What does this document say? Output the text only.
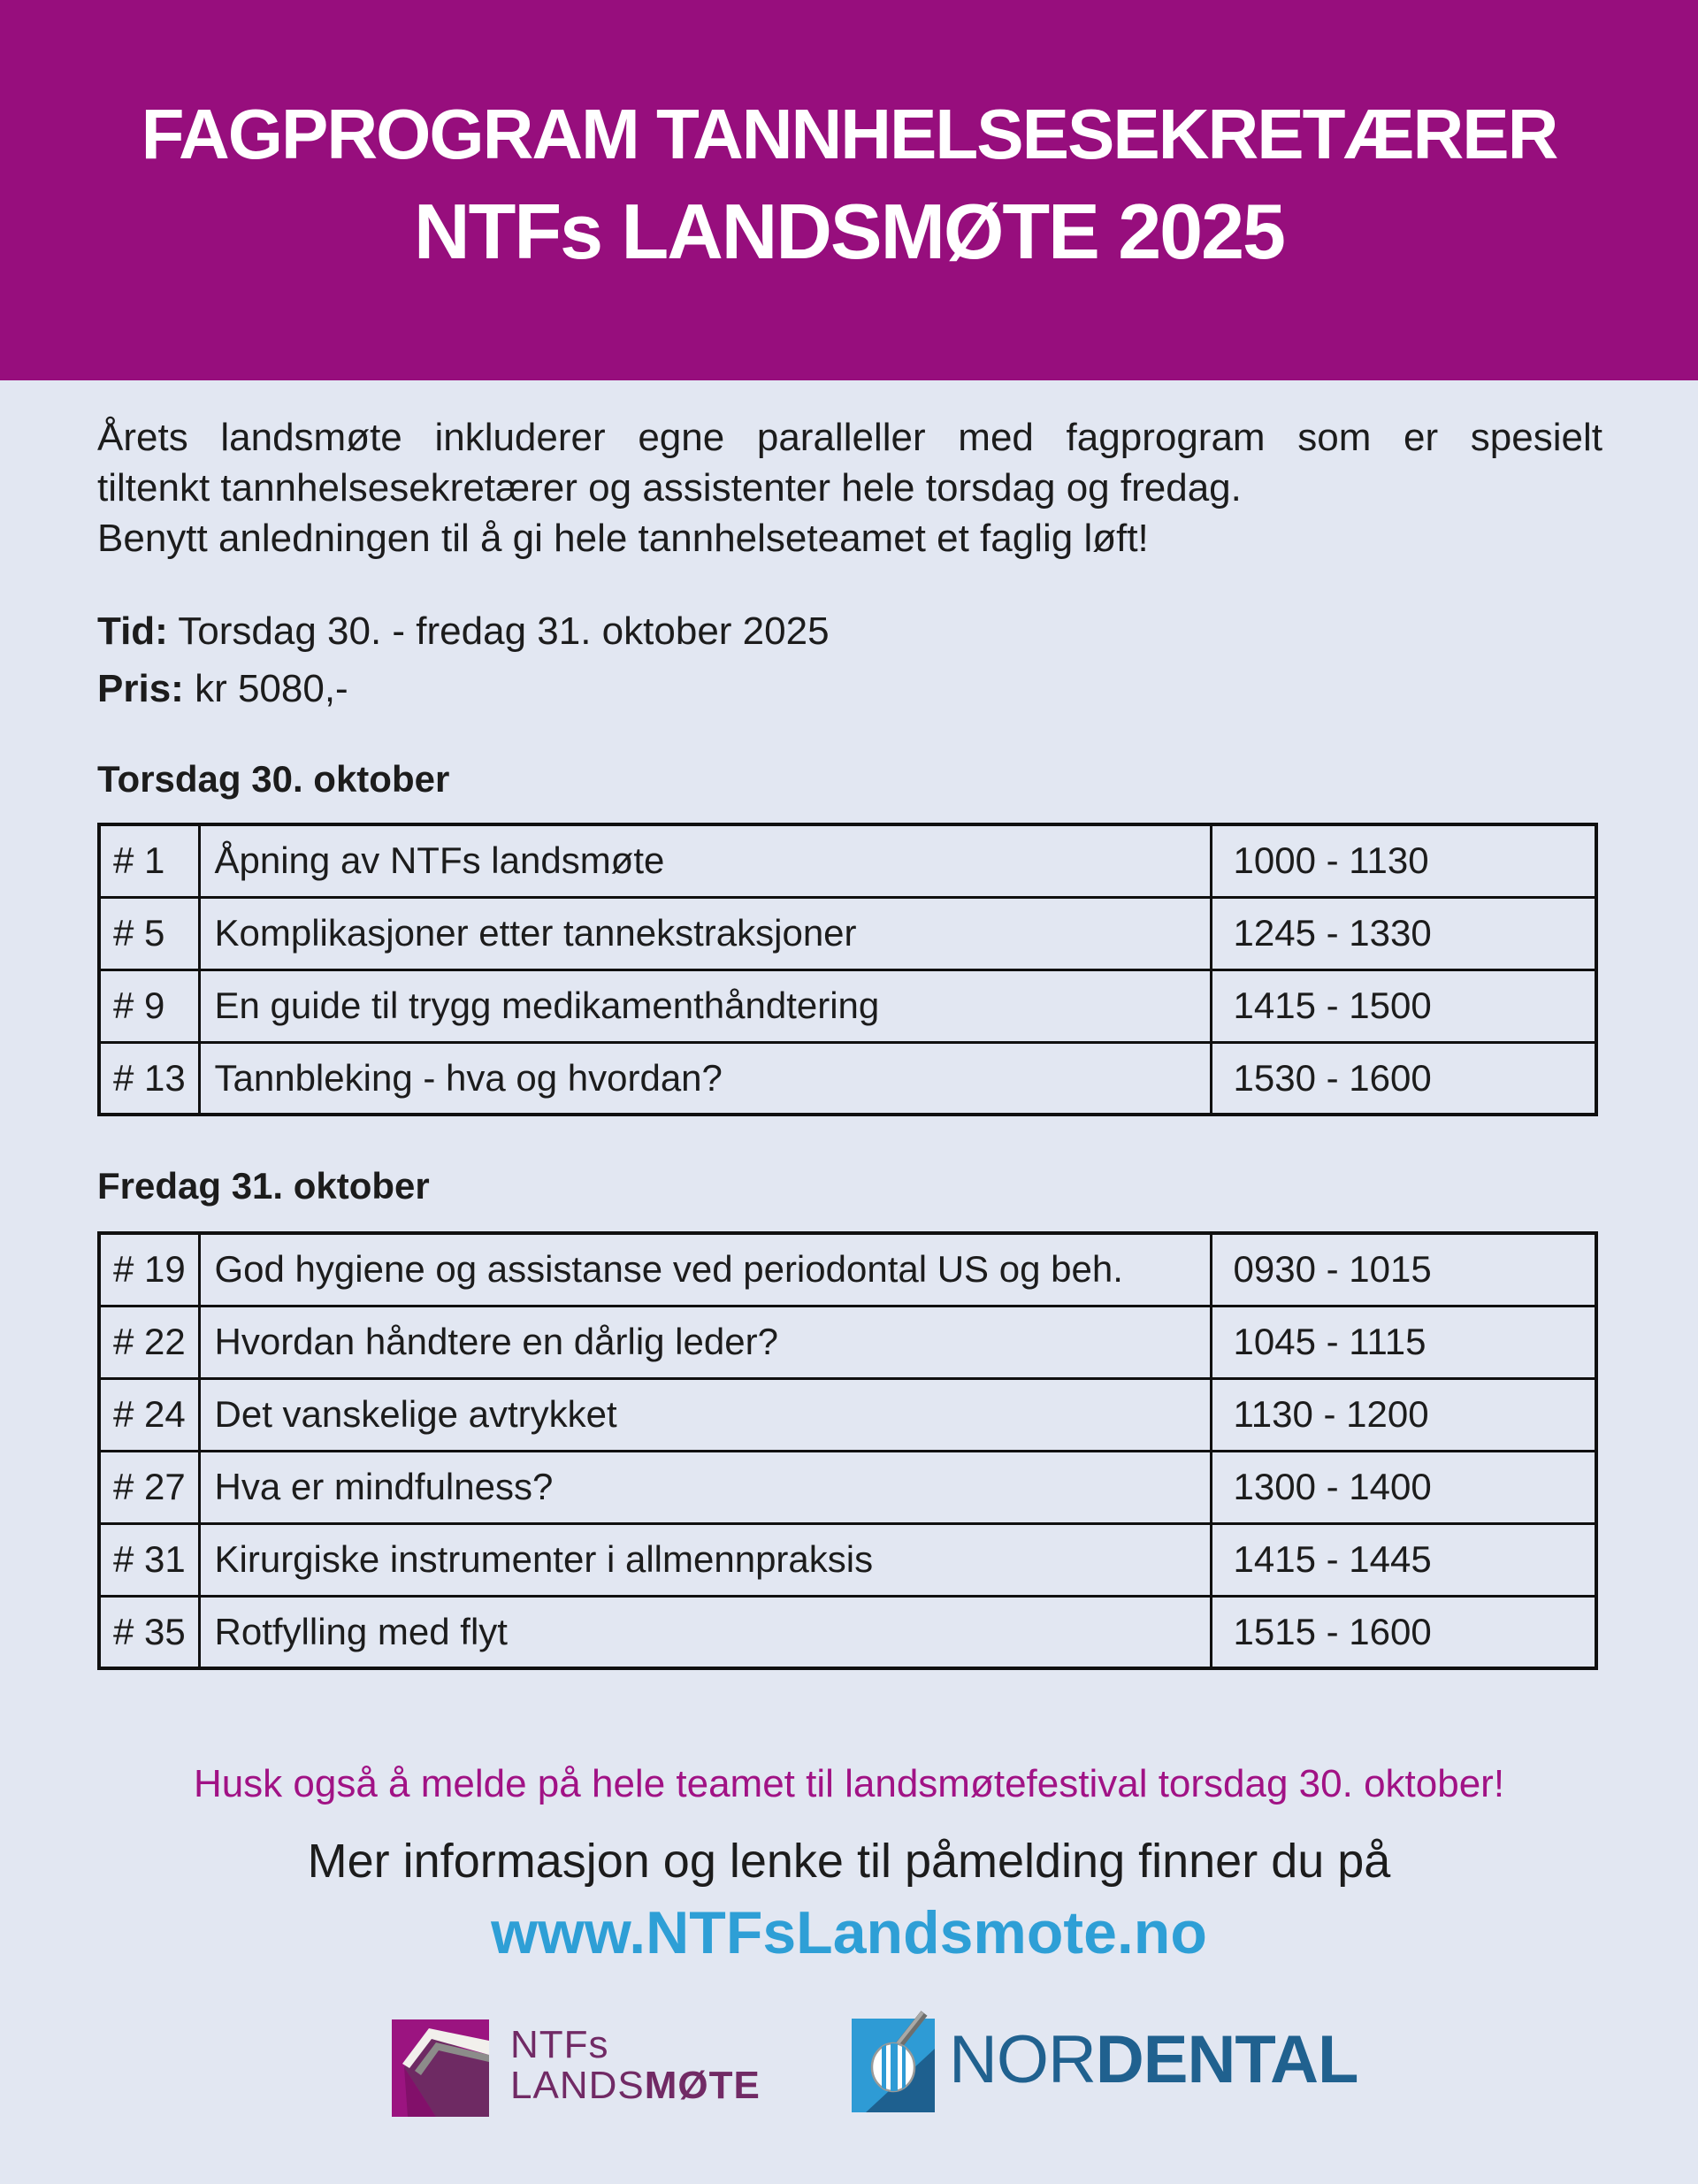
FAGPROGRAM TANNHELSESEKRETÆRER
NTFs LANDSMØTE 2025
Årets landsmøte inkluderer egne paralleller med fagprogram som er spesielt
tiltenkt tannhelsesekretærer og assistenter hele torsdag og fredag.
Benytt anledningen til å gi hele tannhelseteamet et faglig løft!
Tid: Torsdag 30. - fredag 31. oktober 2025
Pris: kr 5080,-
Torsdag 30. oktober
# 1	Åpning av NTFs landsmøte	1000 - 1130
# 5	Komplikasjoner etter tannekstraksjoner	1245 - 1330
# 9	En guide til trygg medikamenthåndtering	1415 - 1500
# 13	Tannbleking - hva og hvordan?	1530 - 1600
Fredag 31. oktober
# 19	God hygiene og assistanse ved periodontal US og beh.	0930 - 1015
# 22	Hvordan håndtere en dårlig leder?	1045 - 1115
# 24	Det vanskelige avtrykket	1130 - 1200
# 27	Hva er mindfulness?	1300 - 1400
# 31	Kirurgiske instrumenter i allmennpraksis	1415 - 1445
# 35	Rotfylling med flyt	1515 - 1600
Husk også å melde på hele teamet til landsmøtefestival torsdag 30. oktober!
Mer informasjon og lenke til påmelding finner du på
www.NTFsLandsmote.no
NTFs
LANDSMØTE	NORDENTAL
